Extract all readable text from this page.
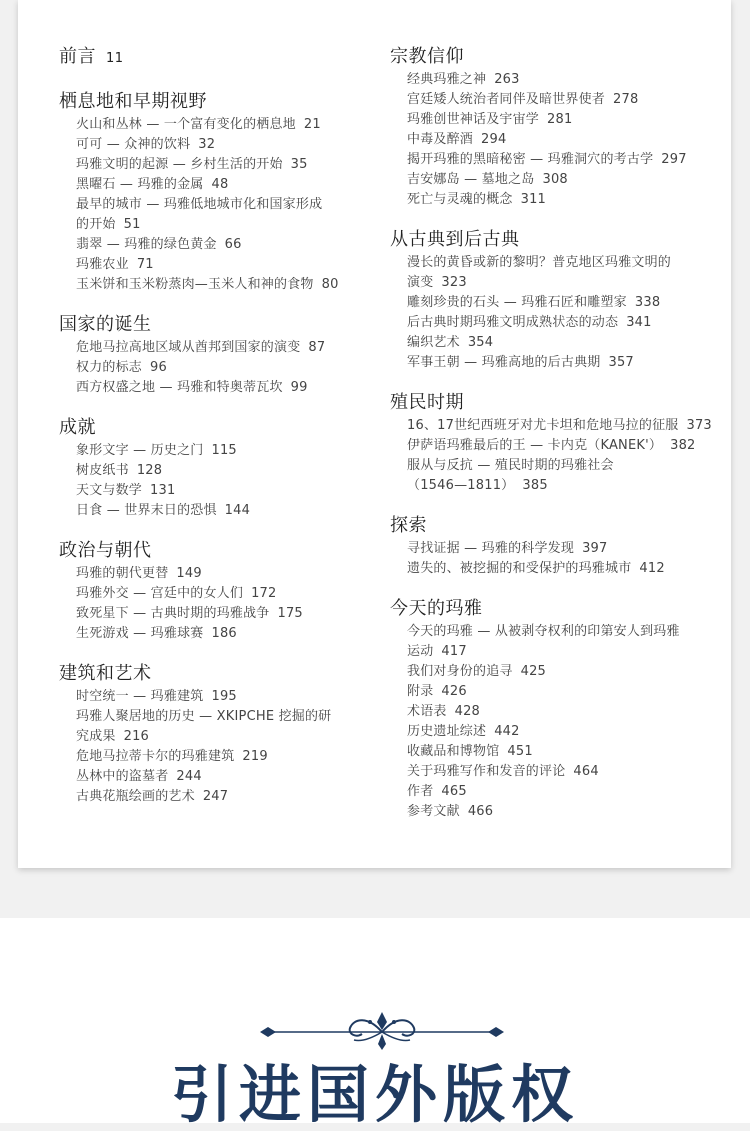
前言 11
栖息地和早期视野
火山和丛林 — 一个富有变化的栖息地 21
可可 — 众神的饮料 32
玛雅文明的起源 — 乡村生活的开始 35
黑曜石 — 玛雅的金属 48
最早的城市 — 玛雅低地城市化和国家形成
的开始 51
翡翠 — 玛雅的绿色黄金 66
玛雅农业 71
玉米饼和玉米粉蒸肉—玉米人和神的食物 80
国家的诞生
危地马拉高地区域从酋邦到国家的演变 87
权力的标志 96
西方权盛之地 — 玛雅和特奥蒂瓦坎 99
成就
象形文字 — 历史之门 115
树皮纸书 128
天文与数学 131
日食 — 世界末日的恐惧 144
政治与朝代
玛雅的朝代更替 149
玛雅外交 — 宫廷中的女人们 172
致死星下 — 古典时期的玛雅战争 175
生死游戏 — 玛雅球赛 186
建筑和艺术
时空统一 — 玛雅建筑 195
玛雅人聚居地的历史 — XKIPCHE 挖掘的研
究成果 216
危地马拉蒂卡尔的玛雅建筑 219
丛林中的盗墓者 244
古典花瓶绘画的艺术 247
宗教信仰
经典玛雅之神 263
宫廷矮人统治者同伴及暗世界使者 278
玛雅创世神话及宇宙学 281
中毒及醉酒 294
揭开玛雅的黑暗秘密 — 玛雅洞穴的考古学 297
吉安娜岛 — 墓地之岛 308
死亡与灵魂的概念 311
从古典到后古典
漫长的黄昏或新的黎明？普克地区玛雅文明的
演变 323
雕刻珍贵的石头 — 玛雅石匠和雕塑家 338
后古典时期玛雅文明成熟状态的动态 341
编织艺术 354
军事王朝 — 玛雅高地的后古典期 357
殖民时期
16、17世纪西班牙对尤卡坦和危地马拉的征服 373
伊萨语玛雅最后的王 — 卡内克（KANEK'） 382
服从与反抗 — 殖民时期的玛雅社会
（1546—1811） 385
探索
寻找证据 — 玛雅的科学发现 397
遗失的、被挖掘的和受保护的玛雅城市 412
今天的玛雅
今天的玛雅 — 从被剥夺权利的印第安人到玛雅
运动 417
我们对身份的追寻 425
附录 426
术语表 428
历史遗址综述 442
收藏品和博物馆 451
关于玛雅写作和发音的评论 464
作者 465
参考文献 466
引进国外版权
